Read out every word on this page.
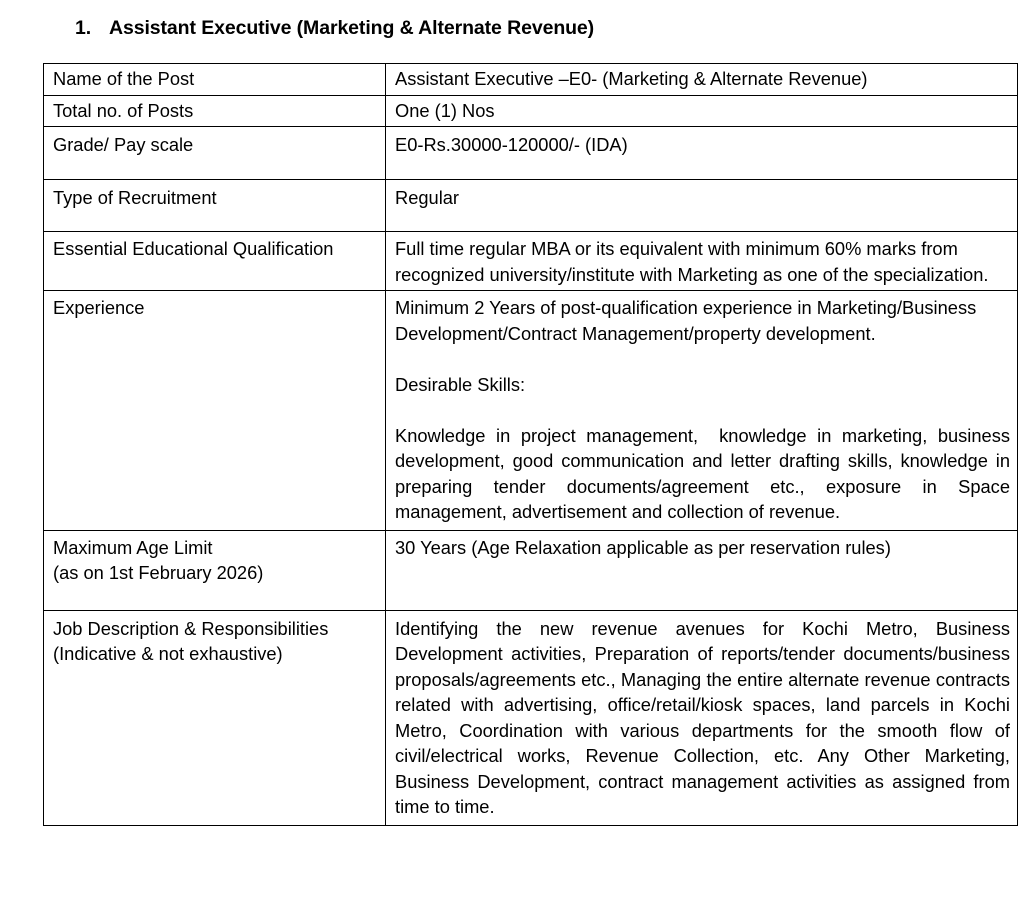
1. Assistant Executive (Marketing & Alternate Revenue)
Name of the Post	Assistant Executive –E0- (Marketing & Alternate Revenue)
Total no. of Posts	One (1) Nos

Grade/ Pay scale	E0-Rs.30000-120000/- (IDA)

Type of Recruitment	Regular

Essential Educational Qualification	Full time regular MBA or its equivalent with minimum 60% marks from recognized university/institute with Marketing as one of the specialization.

Experience	Minimum 2 Years of post-qualification experience in Marketing/Business Development/Contract Management/property development.

Desirable Skills:

Knowledge in project management,  knowledge in marketing, business development, good communication and letter drafting skills, knowledge in  preparing tender documents/agreement etc., exposure in Space management, advertisement and collection of revenue.

Maximum Age Limit
(as on 1st February 2026)	30 Years (Age Relaxation applicable as per reservation rules)

Job Description & Responsibilities (Indicative & not exhaustive)	Identifying the new revenue avenues for Kochi Metro, Business Development activities, Preparation of reports/tender documents/business proposals/agreements etc., Managing the entire alternate revenue contracts related with advertising, office/retail/kiosk spaces, land parcels in Kochi Metro, Coordination with various departments for the smooth flow of civil/electrical works, Revenue Collection, etc. Any Other Marketing, Business Development, contract management activities as assigned from time to time.
